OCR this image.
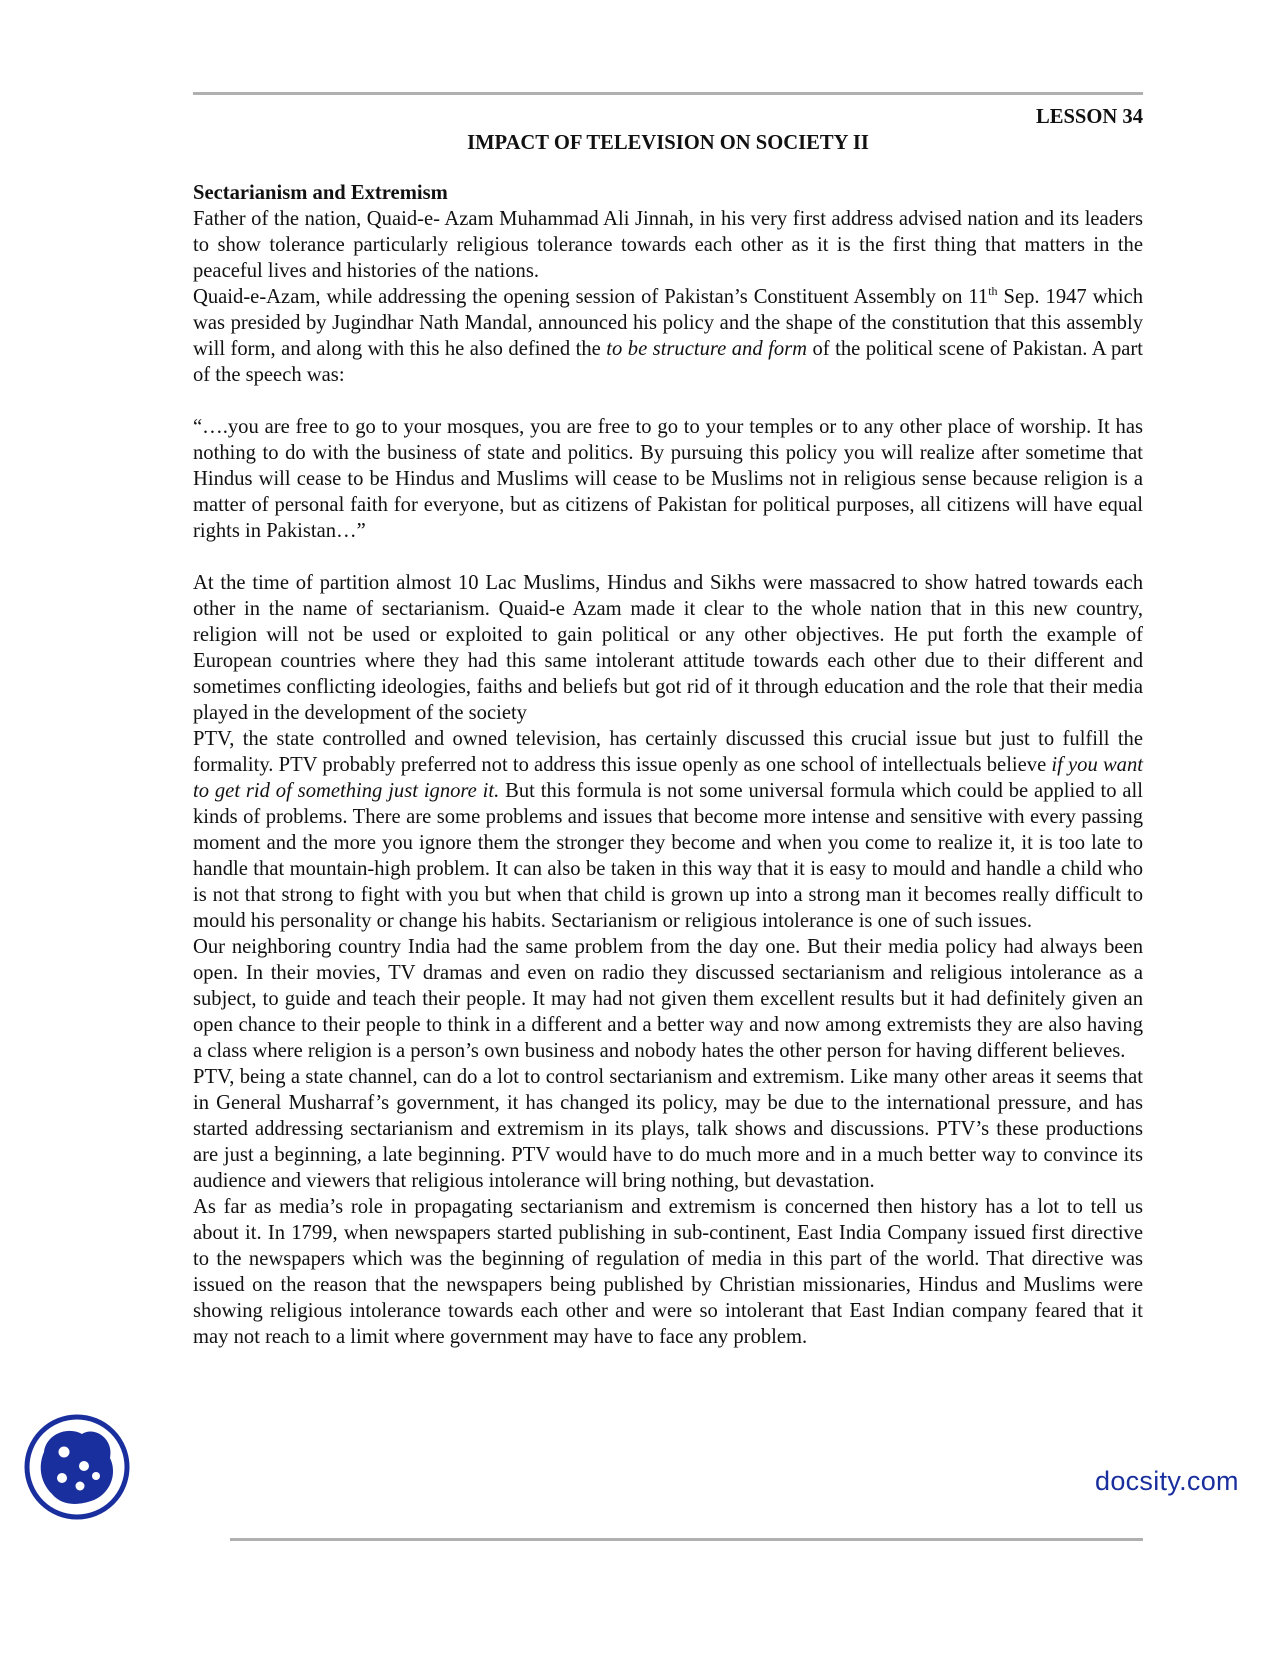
LESSON 34
IMPACT OF TELEVISION ON SOCIETY II
Sectarianism and Extremism

Father of the nation, Quaid-e- Azam Muhammad Ali Jinnah, in his very first address advised nation and its leaders to show tolerance particularly religious tolerance towards each other as it is the first thing that matters in the peaceful lives and histories of the nations.

Quaid-e-Azam, while addressing the opening session of Pakistan’s Constituent Assembly on 11th Sep. 1947 which was presided by Jugindhar Nath Mandal, announced his policy and the shape of the constitution that this assembly will form, and along with this he also defined the to be structure and form of the political scene of Pakistan. A part of the speech was:

“….you are free to go to your mosques, you are free to go to your temples or to any other place of worship. It has nothing to do with the business of state and politics. By pursuing this policy you will realize after sometime that Hindus will cease to be Hindus and Muslims will cease to be Muslims not in religious sense because religion is a matter of personal faith for everyone, but as citizens of Pakistan for political purposes, all citizens will have equal rights in Pakistan…”

At the time of partition almost 10 Lac Muslims, Hindus and Sikhs were massacred to show hatred towards each other in the name of sectarianism. Quaid-e Azam made it clear to the whole nation that in this new country, religion will not be used or exploited to gain political or any other objectives. He put forth the example of European countries where they had this same intolerant attitude towards each other due to their different and sometimes conflicting ideologies, faiths and beliefs but got rid of it through education and the role that their media played in the development of the society

PTV, the state controlled and owned television, has certainly discussed this crucial issue but just to fulfill the formality. PTV probably preferred not to address this issue openly as one school of intellectuals believe if you want to get rid of something just ignore it. But this formula is not some universal formula which could be applied to all kinds of problems. There are some problems and issues that become more intense and sensitive with every passing moment and the more you ignore them the stronger they become and when you come to realize it, it is too late to handle that mountain-high problem. It can also be taken in this way that it is easy to mould and handle a child who is not that strong to fight with you but when that child is grown up into a strong man it becomes really difficult to mould his personality or change his habits. Sectarianism or religious intolerance is one of such issues.

Our neighboring country India had the same problem from the day one. But their media policy had always been open. In their movies, TV dramas and even on radio they discussed sectarianism and religious intolerance as a subject, to guide and teach their people. It may had not given them excellent results but it had definitely given an open chance to their people to think in a different and a better way and now among extremists they are also having a class where religion is a person’s own business and nobody hates the other person for having different believes.

PTV, being a state channel, can do a lot to control sectarianism and extremism. Like many other areas it seems that in General Musharraf’s government, it has changed its policy, may be due to the international pressure, and has started addressing sectarianism and extremism in its plays, talk shows and discussions. PTV’s these productions are just a beginning, a late beginning. PTV would have to do much more and in a much better way to convince its audience and viewers that religious intolerance will bring nothing, but devastation.

As far as media’s role in propagating sectarianism and extremism is concerned then history has a lot to tell us about it. In 1799, when newspapers started publishing in sub-continent, East India Company issued first directive to the newspapers which was the beginning of regulation of media in this part of the world. That directive was issued on the reason that the newspapers being published by Christian missionaries, Hindus and Muslims were showing religious intolerance towards each other and were so intolerant that East Indian company feared that it may not reach to a limit where government may have to face any problem.

docsity.com
